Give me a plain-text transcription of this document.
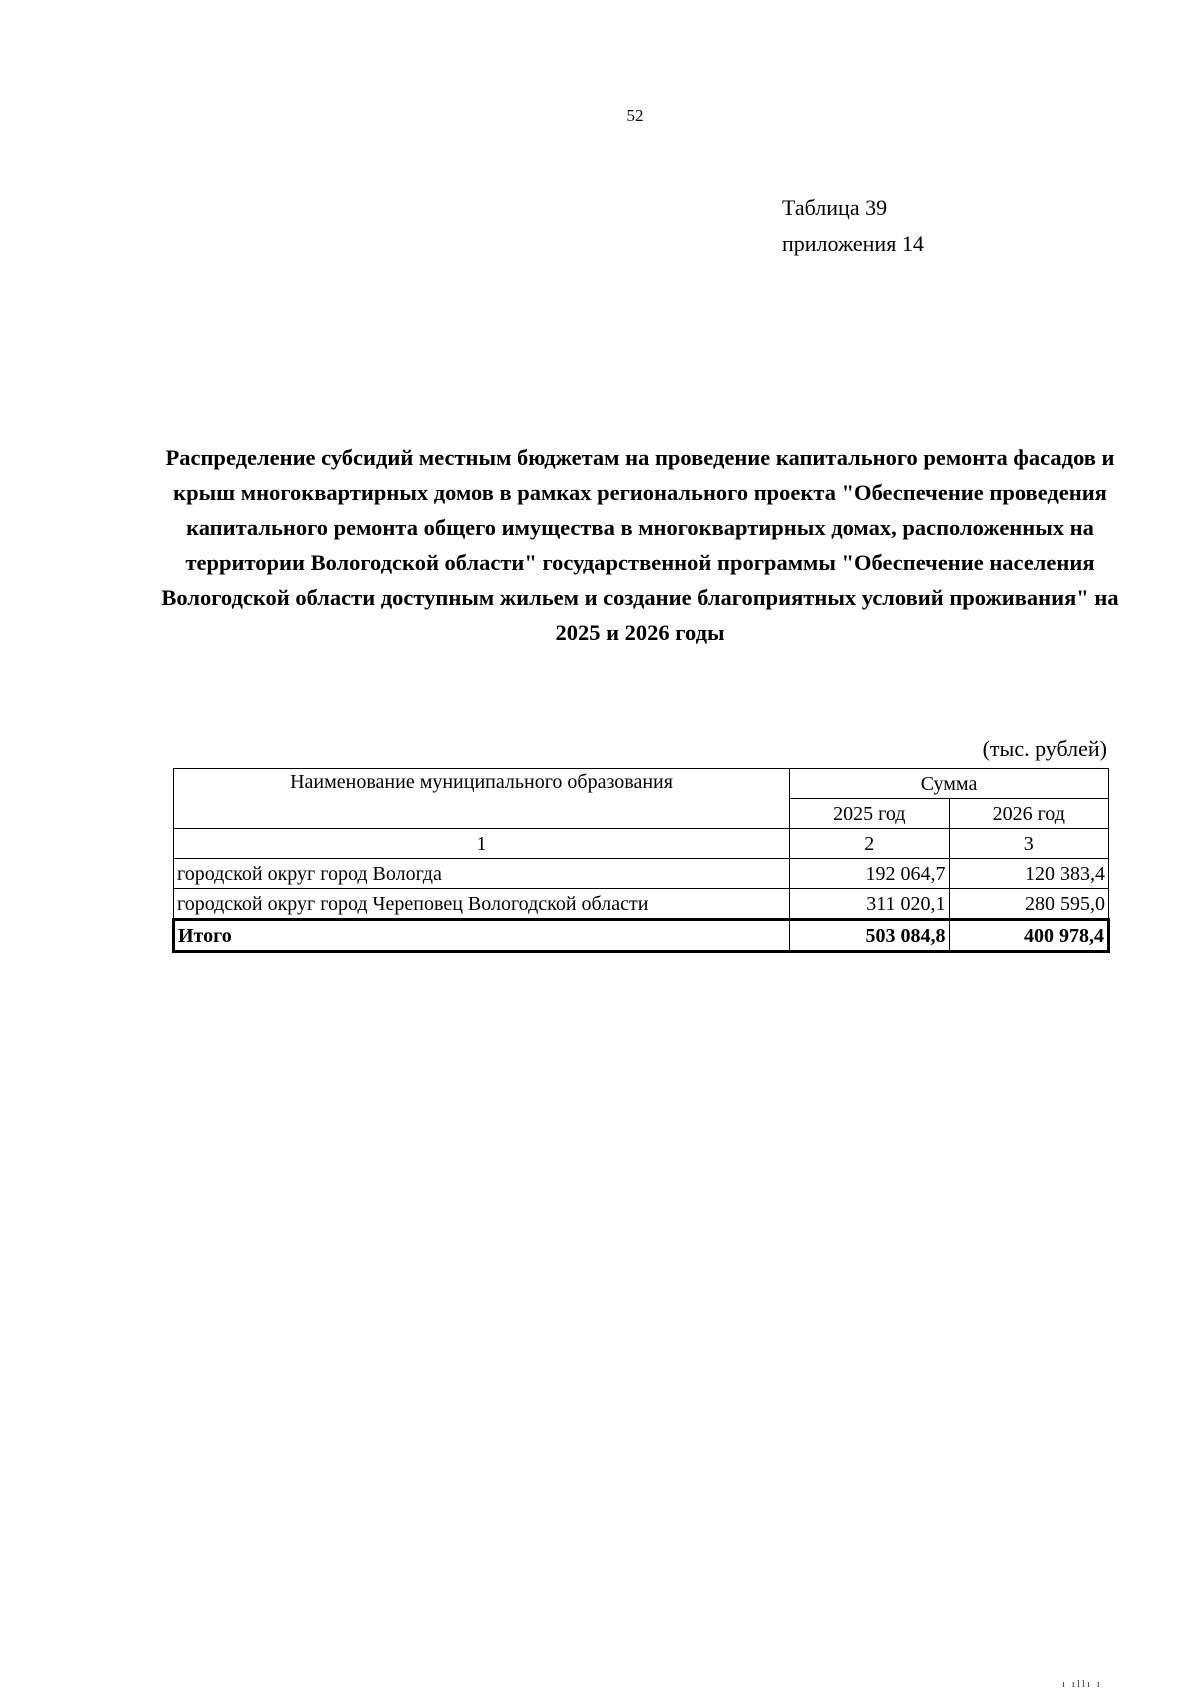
52
Таблица 39
приложения 14
Распределение субсидий местным бюджетам на проведение капитального ремонта фасадов и крыш многоквартирных домов в рамках регионального проекта "Обеспечение проведения капитального ремонта общего имущества в многоквартирных домах, расположенных на территории Вологодской области" государственной программы "Обеспечение населения Вологодской области доступным жильем и создание благоприятных условий проживания" на 2025 и 2026 годы
(тыс. рублей)
Наименование муниципального образования	Сумма	
	2025 год	2026 год
1	2	3
городской округ город Вологда	192 064,7	120 383,4
городской округ город Череповец Вологодской области	311 020,1	280 595,0
Итого	503 084,8	400 978,4
ı ıllı ı
